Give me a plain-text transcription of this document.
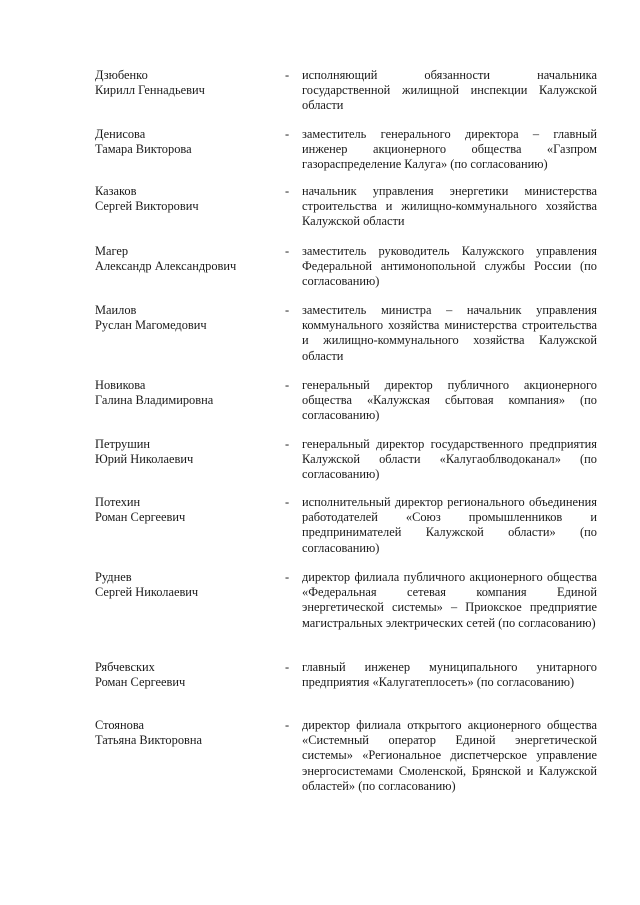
Дзюбенко
Кирилл Геннадьевич
- исполняющий обязанности начальника государственной жилищной инспекции Калужской области
Денисова
Тамара Викторова
- заместитель генерального директора – главный инженер акционерного общества «Газпром газораспределение Калуга» (по согласованию)
Казаков
Сергей Викторович
- начальник управления энергетики министерства строительства и жилищно-коммунального хозяйства Калужской области
Магер
Александр Александрович
- заместитель руководитель Калужского управления Федеральной антимонопольной службы России (по согласованию)
Маилов
Руслан Магомедович
- заместитель министра – начальник управления коммунального хозяйства министерства строительства и жилищно-коммунального хозяйства Калужской области
Новикова
Галина Владимировна
- генеральный директор публичного акционерного общества «Калужская сбытовая компания» (по согласованию)
Петрушин
Юрий Николаевич
- генеральный директор государственного предприятия Калужской области «Калугаоблводоканал» (по согласованию)
Потехин
Роман Сергеевич
- исполнительный директор регионального объединения работодателей «Союз промышленников и предпринимателей Калужской области» (по согласованию)
Руднев
Сергей Николаевич
- директор филиала публичного акционерного общества «Федеральная сетевая компания Единой энергетической системы» – Приокское предприятие магистральных электрических сетей (по согласованию)
Рябчевских
Роман Сергеевич
- главный инженер муниципального унитарного предприятия «Калугатеплосеть» (по согласованию)
Стоянова
Татьяна Викторовна
- директор филиала открытого акционерного общества «Системный оператор Единой энергетической системы» «Региональное диспетчерское управление энергосистемами Смоленской, Брянской и Калужской областей» (по согласованию)
